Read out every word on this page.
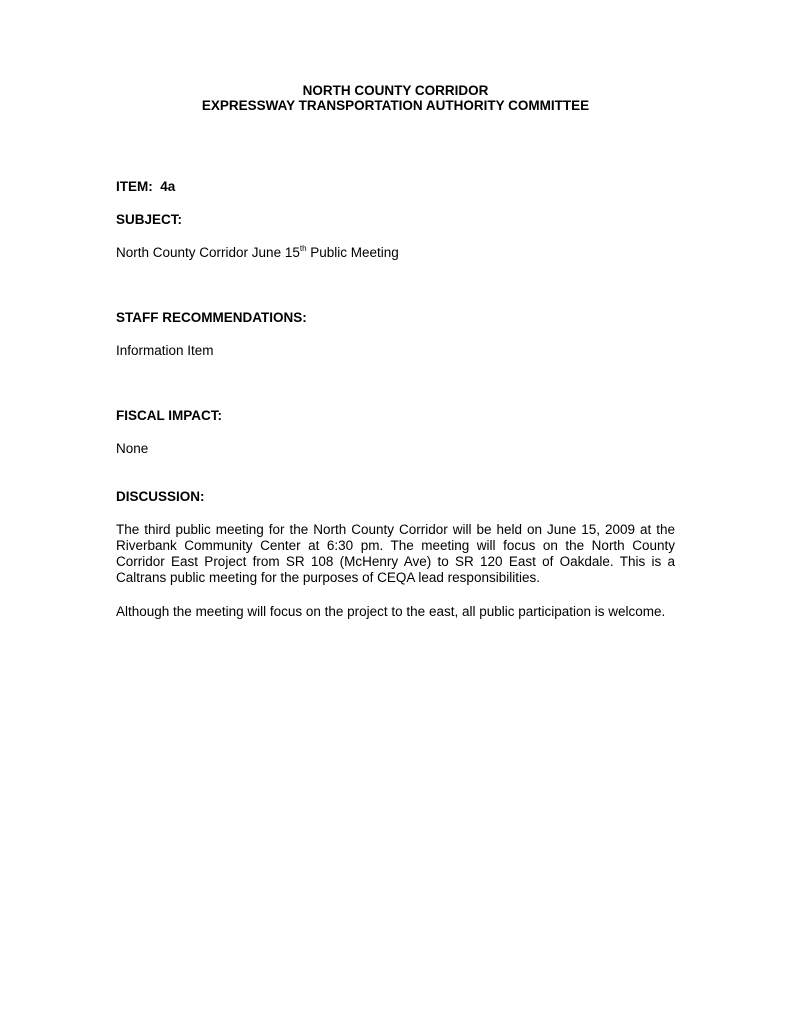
NORTH COUNTY CORRIDOR
EXPRESSWAY TRANSPORTATION AUTHORITY COMMITTEE
ITEM: 4a
SUBJECT:
North County Corridor June 15th Public Meeting
STAFF RECOMMENDATIONS:
Information Item
FISCAL IMPACT:
None
DISCUSSION:
The third public meeting for the North County Corridor will be held on June 15, 2009 at the Riverbank Community Center at 6:30 pm. The meeting will focus on the North County Corridor East Project from SR 108 (McHenry Ave) to SR 120 East of Oakdale. This is a Caltrans public meeting for the purposes of CEQA lead responsibilities.
Although the meeting will focus on the project to the east, all public participation is welcome.
